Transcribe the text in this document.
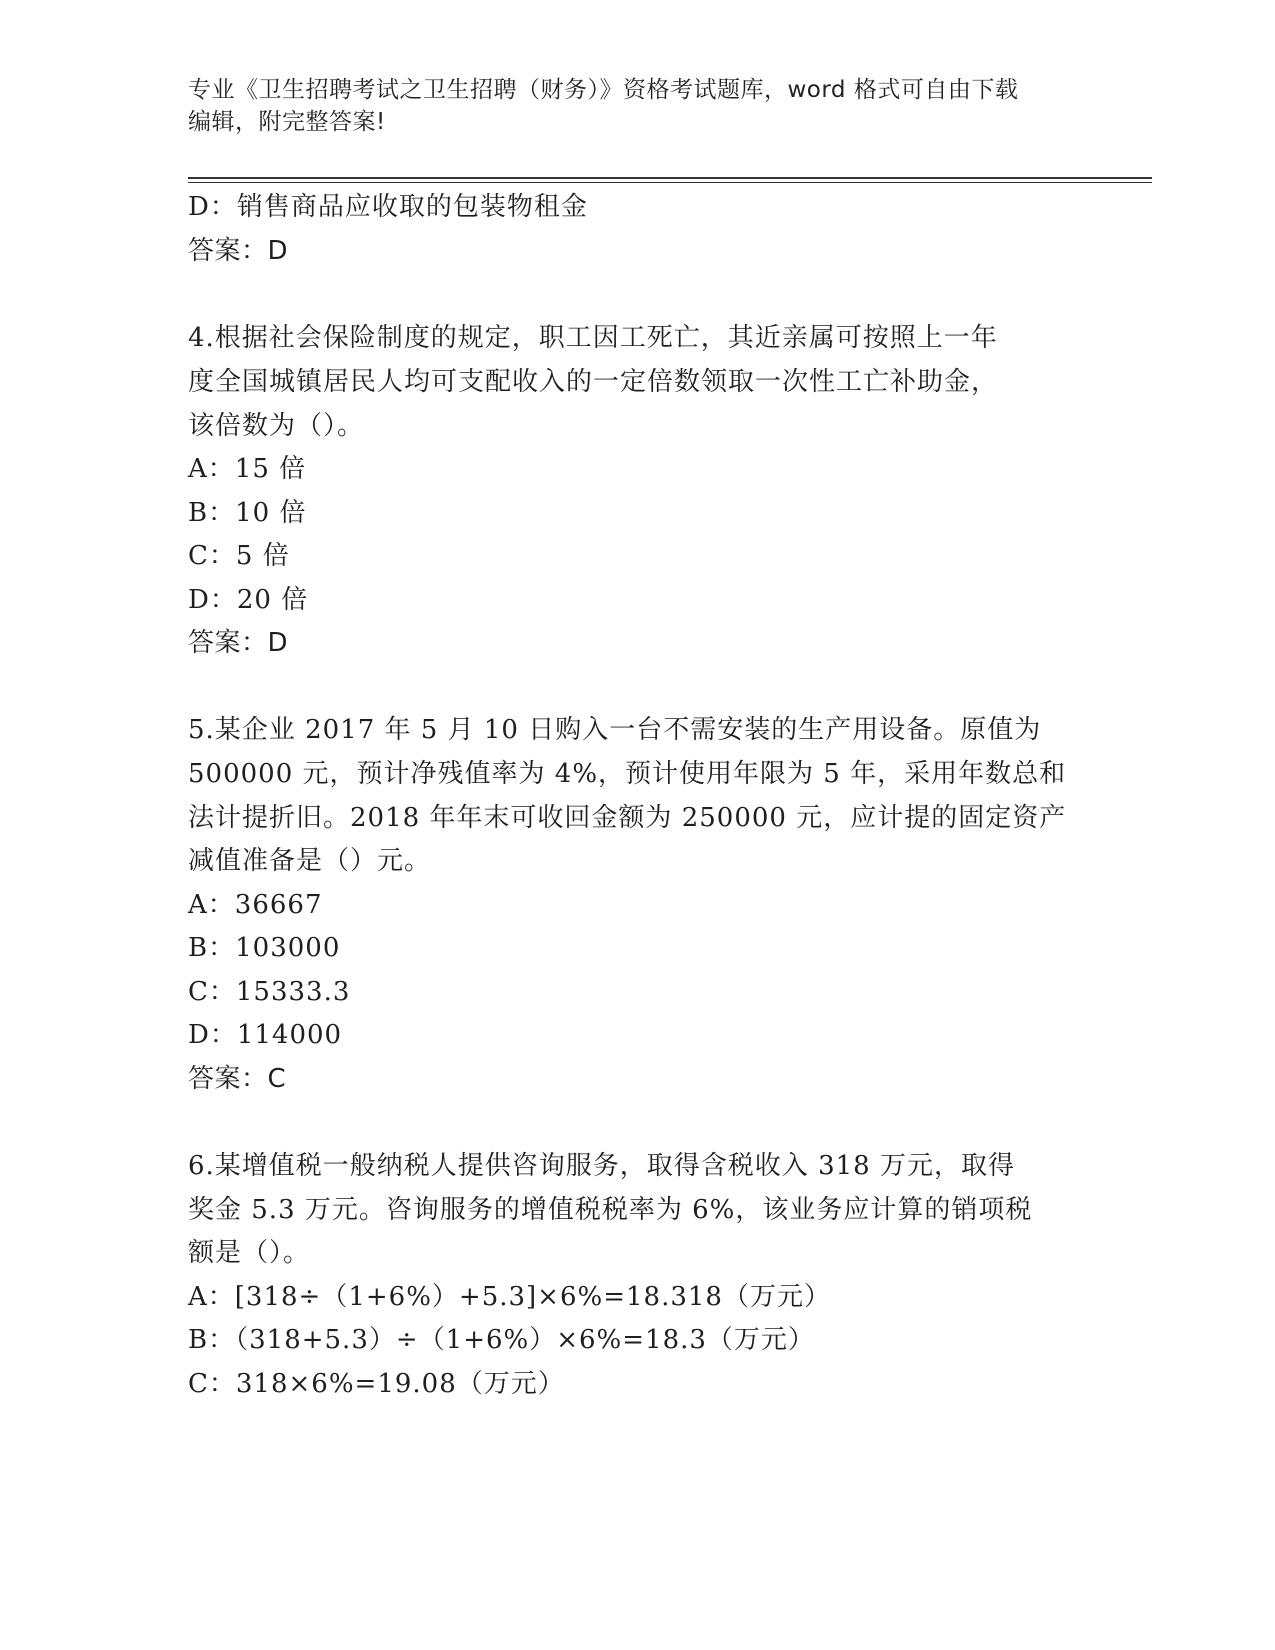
专业《卫生招聘考试之卫生招聘（财务）》资格考试题库，word 格式可自由下载
编辑，附完整答案!
D：销售商品应收取的包装物租金
答案：D
4.根据社会保险制度的规定，职工因工死亡，其近亲属可按照上一年
度全国城镇居民人均可支配收入的一定倍数领取一次性工亡补助金，
该倍数为（）。
A：15 倍
B：10 倍
C：5 倍
D：20 倍
答案：D
5.某企业 2017 年 5 月 10 日购入一台不需安装的生产用设备。原值为
500000 元，预计净残值率为 4%，预计使用年限为 5 年，采用年数总和
法计提折旧。2018 年年末可收回金额为 250000 元，应计提的固定资产
减值准备是（）元。
A：36667
B：103000
C：15333.3
D：114000
答案：C
6.某增值税一般纳税人提供咨询服务，取得含税收入 318 万元，取得
奖金 5.3 万元。咨询服务的增值税税率为 6%，该业务应计算的销项税
额是（）。
A：[318÷（1+6%）+5.3]×6%=18.318（万元）
B：（318+5.3）÷（1+6%）×6%=18.3（万元）
C：318×6%=19.08（万元）
